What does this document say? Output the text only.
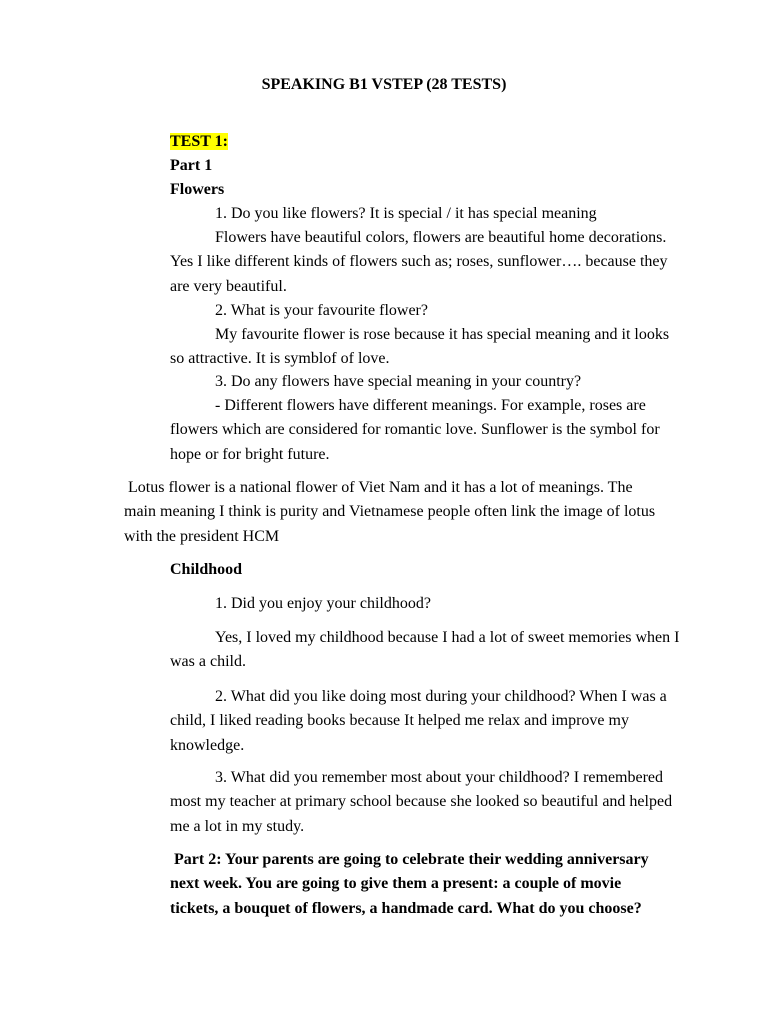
SPEAKING B1 VSTEP (28 TESTS)
TEST 1:
Part 1
Flowers
1. Do you like flowers? It is special / it has special meaning

Flowers have beautiful colors, flowers are beautiful home decorations. Yes I like different kinds of flowers such as; roses, sunflower…. because they are very beautiful.

2. What is your favourite flower?

My favourite flower is rose because it has special meaning and it looks so attractive. It is symblof of love.

3. Do any flowers have special meaning in your country?

- Different flowers have different meanings. For example, roses are flowers which are considered for romantic love. Sunflower is the symbol for hope or for bright future.

Lotus flower is a national flower of Viet Nam and it has a lot of meanings. The main meaning I think is purity and Vietnamese people often link the image of lotus with the president HCM

Childhood
1. Did you enjoy your childhood?

Yes, I loved my childhood because I had a lot of sweet memories when I was a child.

2. What did you like doing most during your childhood? When I was a child, I liked reading books because It helped me relax and improve my knowledge.

3. What did you remember most about your childhood? I remembered most my teacher at primary school because she looked so beautiful and helped me a lot in my study.

Part 2: Your parents are going to celebrate their wedding anniversary next week. You are going to give them a present: a couple of movie tickets, a bouquet of flowers, a handmade card. What do you choose?
